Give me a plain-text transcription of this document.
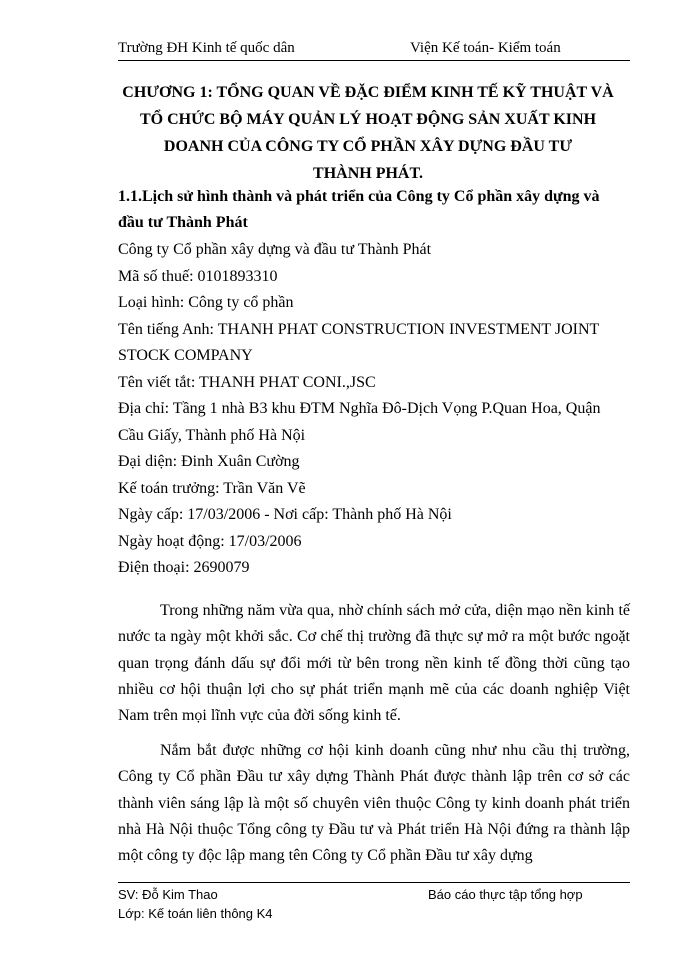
Trường ĐH Kinh tế quốc dân	Viện Kế toán- Kiểm toán
CHƯƠNG 1: TỔNG QUAN VỀ ĐẶC ĐIỂM KINH TẾ KỸ THUẬT VÀ
TỔ CHỨC BỘ MÁY QUẢN LÝ HOẠT ĐỘNG SẢN XUẤT KINH
DOANH CỦA CÔNG TY CỔ PHẦN XÂY DỰNG ĐẦU TƯ
THÀNH PHÁT.
1.1.Lịch sử hình thành và phát triển của Công ty Cổ phần xây dựng và
đầu tư Thành Phát
Công ty Cổ phần xây dựng và đầu tư Thành Phát
Mã số thuế: 0101893310
Loại hình: Công ty cổ phần
Tên tiếng Anh: THANH PHAT CONSTRUCTION INVESTMENT JOINT
STOCK COMPANY
Tên viết tắt: THANH PHAT CONI.,JSC
Địa chỉ: Tầng 1 nhà B3 khu ĐTM Nghĩa Đô-Dịch Vọng P.Quan Hoa, Quận
Cầu Giấy, Thành phố Hà Nội
Đại diện: Đinh Xuân Cường
Kế toán trưởng: Trần Văn Vẽ
Ngày cấp: 17/03/2006 - Nơi cấp: Thành phố Hà Nội
Ngày hoạt động: 17/03/2006
Điện thoại: 2690079

Trong những năm vừa qua, nhờ chính sách mở cửa, diện mạo nền kinh tế nước ta ngày một khởi sắc. Cơ chế thị trường đã thực sự mở ra một bước ngoặt quan trọng đánh dấu sự đổi mới từ bên trong nền kinh tế đồng thời cũng tạo nhiều cơ hội thuận lợi cho sự phát triển mạnh mẽ của các doanh nghiệp Việt Nam trên mọi lĩnh vực của đời sống kinh tế.

Nắm bắt được những cơ hội kinh doanh cũng như nhu cầu thị trường, Công ty Cổ phần Đầu tư xây dựng Thành Phát được thành lập trên cơ sở các thành viên sáng lập là một số chuyên viên thuộc Công ty kinh doanh phát triển nhà Hà Nội thuộc Tổng công ty Đầu tư và Phát triển Hà Nội đứng ra thành lập một công ty độc lập mang tên Công ty Cổ phần Đầu tư xây dựng

SV: Đỗ Kim Thao	Báo cáo thực tập tổng hợp
Lớp: Kế toán liên thông K4
